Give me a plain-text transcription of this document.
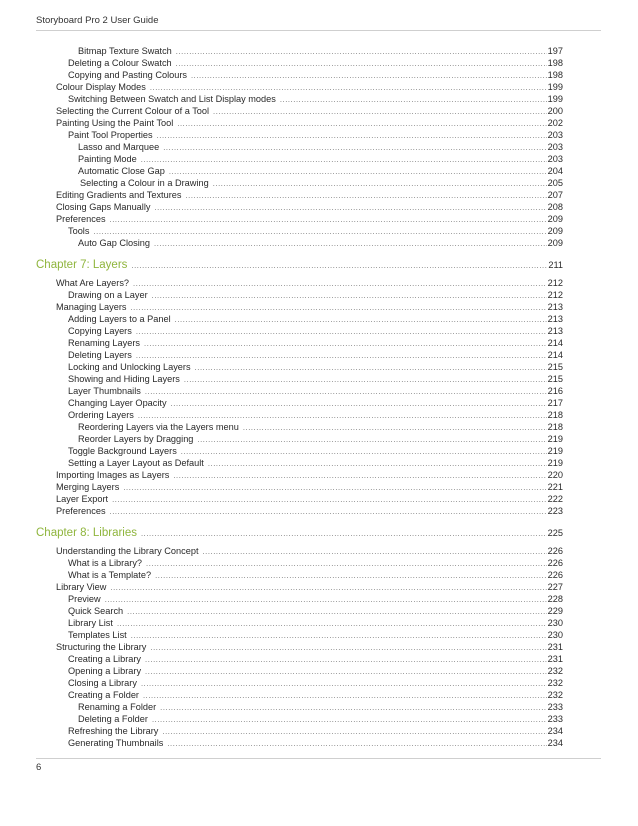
Storyboard Pro 2 User Guide
Bitmap Texture Swatch .....	197
Deleting a Colour Swatch .....	198
Copying and Pasting Colours .....	198
Colour Display Modes .....	199
Switching Between Swatch and List Display modes .....	199
Selecting the Current Colour of a Tool .....	200
Painting Using the Paint Tool .....	202
Paint Tool Properties .....	203
Lasso and Marquee .....	203
Painting Mode .....	203
Automatic Close Gap .....	204
Selecting a Colour in a Drawing .....	205
Editing Gradients and Textures .....	207
Closing Gaps Manually .....	208
Preferences .....	209
Tools .....	209
Auto Gap Closing .....	209
Chapter 7: Layers .....	211
What Are Layers? .....	212
Drawing on a Layer .....	212
Managing Layers .....	213
Adding Layers to a Panel .....	213
Copying Layers .....	213
Renaming Layers .....	214
Deleting Layers .....	214
Locking and Unlocking Layers .....	215
Showing and Hiding Layers .....	215
Layer Thumbnails .....	216
Changing Layer Opacity .....	217
Ordering Layers .....	218
Reordering Layers via the Layers menu .....	218
Reorder Layers by Dragging .....	219
Toggle Background Layers .....	219
Setting a Layer Layout as Default .....	219
Importing Images as Layers .....	220
Merging Layers .....	221
Layer Export .....	222
Preferences .....	223
Chapter 8: Libraries .....	225
Understanding the Library Concept .....	226
What is a Library? .....	226
What is a Template? .....	226
Library View .....	227
Preview .....	228
Quick Search .....	229
Library List .....	230
Templates List .....	230
Structuring the Library .....	231
Creating a Library .....	231
Opening a Library .....	232
Closing a Library .....	232
Creating a Folder .....	232
Renaming a Folder .....	233
Deleting a Folder .....	233
Refreshing the Library .....	234
Generating Thumbnails .....	234
6
